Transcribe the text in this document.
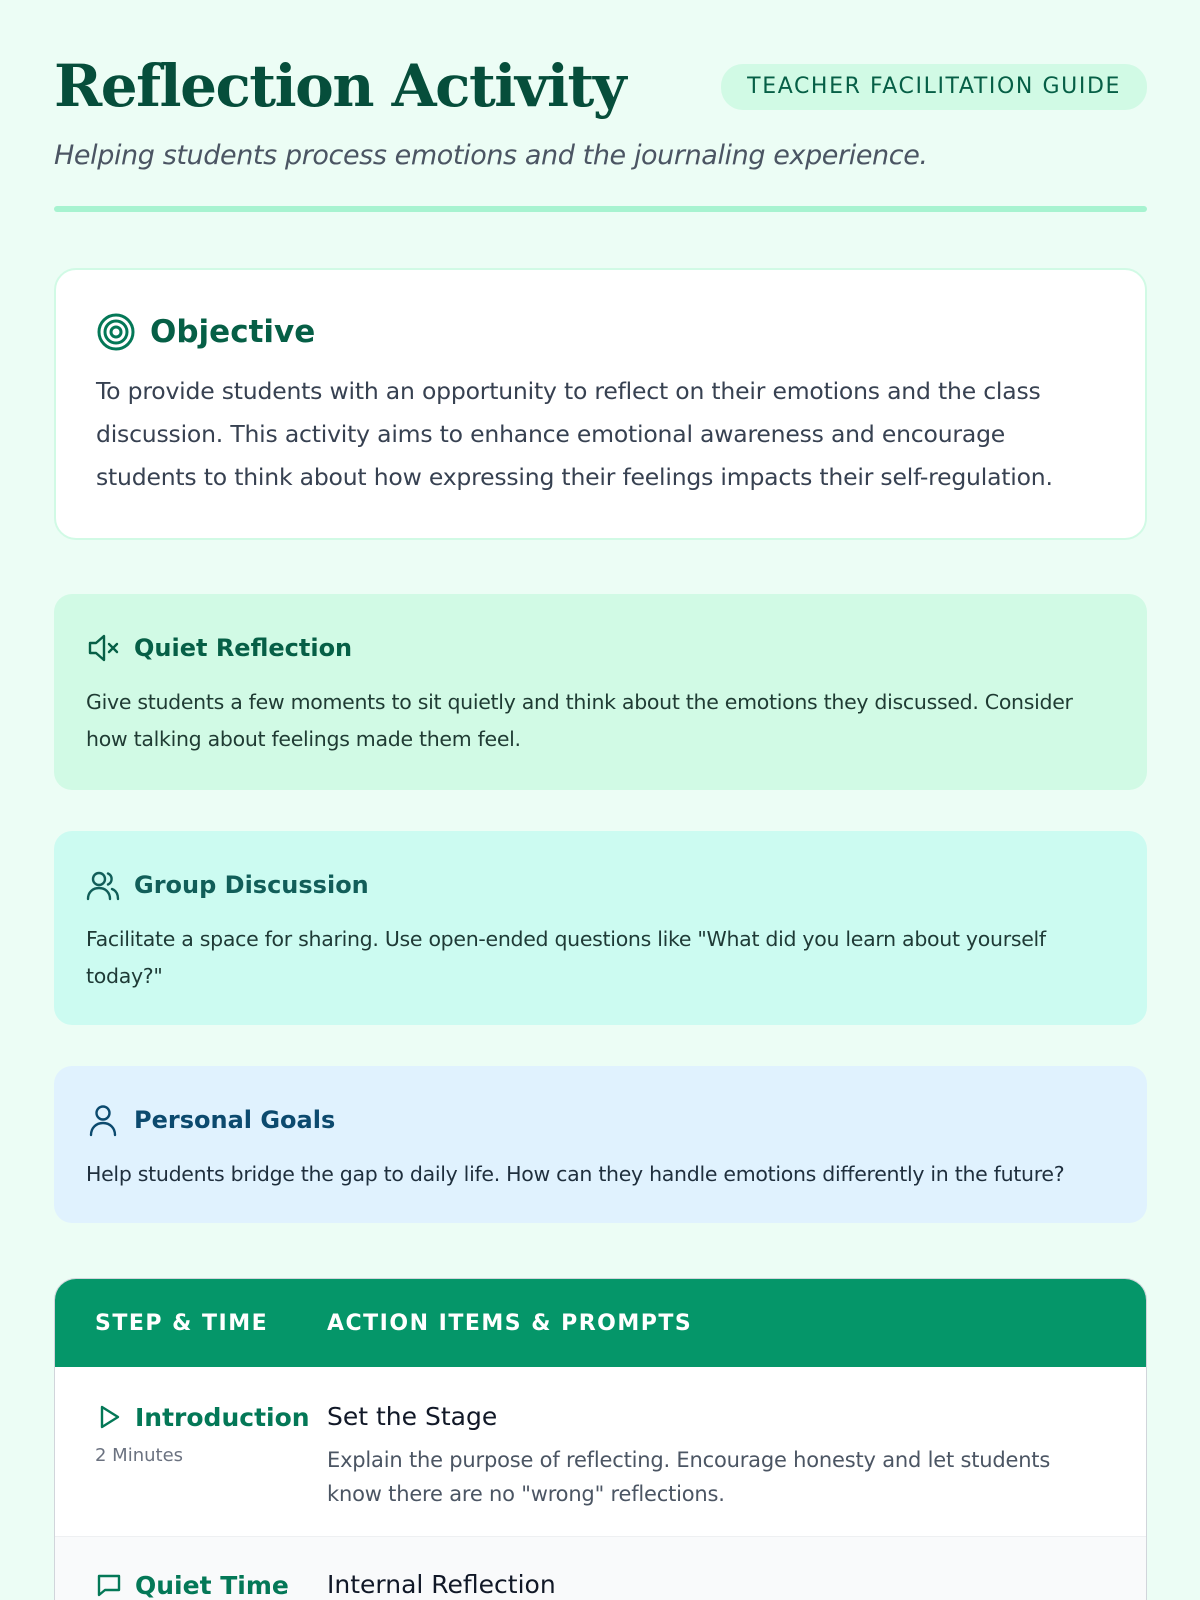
Reflection Activity	TEACHER FACILITATION GUIDE
Helping students process emotions and the journaling experience.
Objective

To provide students with an opportunity to reflect on their emotions and the class discussion. This activity aims to enhance emotional awareness and encourage students to think about how expressing their feelings impacts their self-regulation.

Quiet Reflection

Give students a few moments to sit quietly and think about the emotions they discussed. Consider how talking about feelings made them feel.

Group Discussion

Facilitate a space for sharing. Use open-ended questions like "What did you learn about yourself today?"

Personal Goals

Help students bridge the gap to daily life. How can they handle emotions differently in the future?

STEP & TIME	ACTION ITEMS & PROMPTS
Introduction
2 Minutes
Set the Stage
Explain the purpose of reflecting. Encourage honesty and let students know there are no "wrong" reflections.
Quiet Time Internal Reflection
